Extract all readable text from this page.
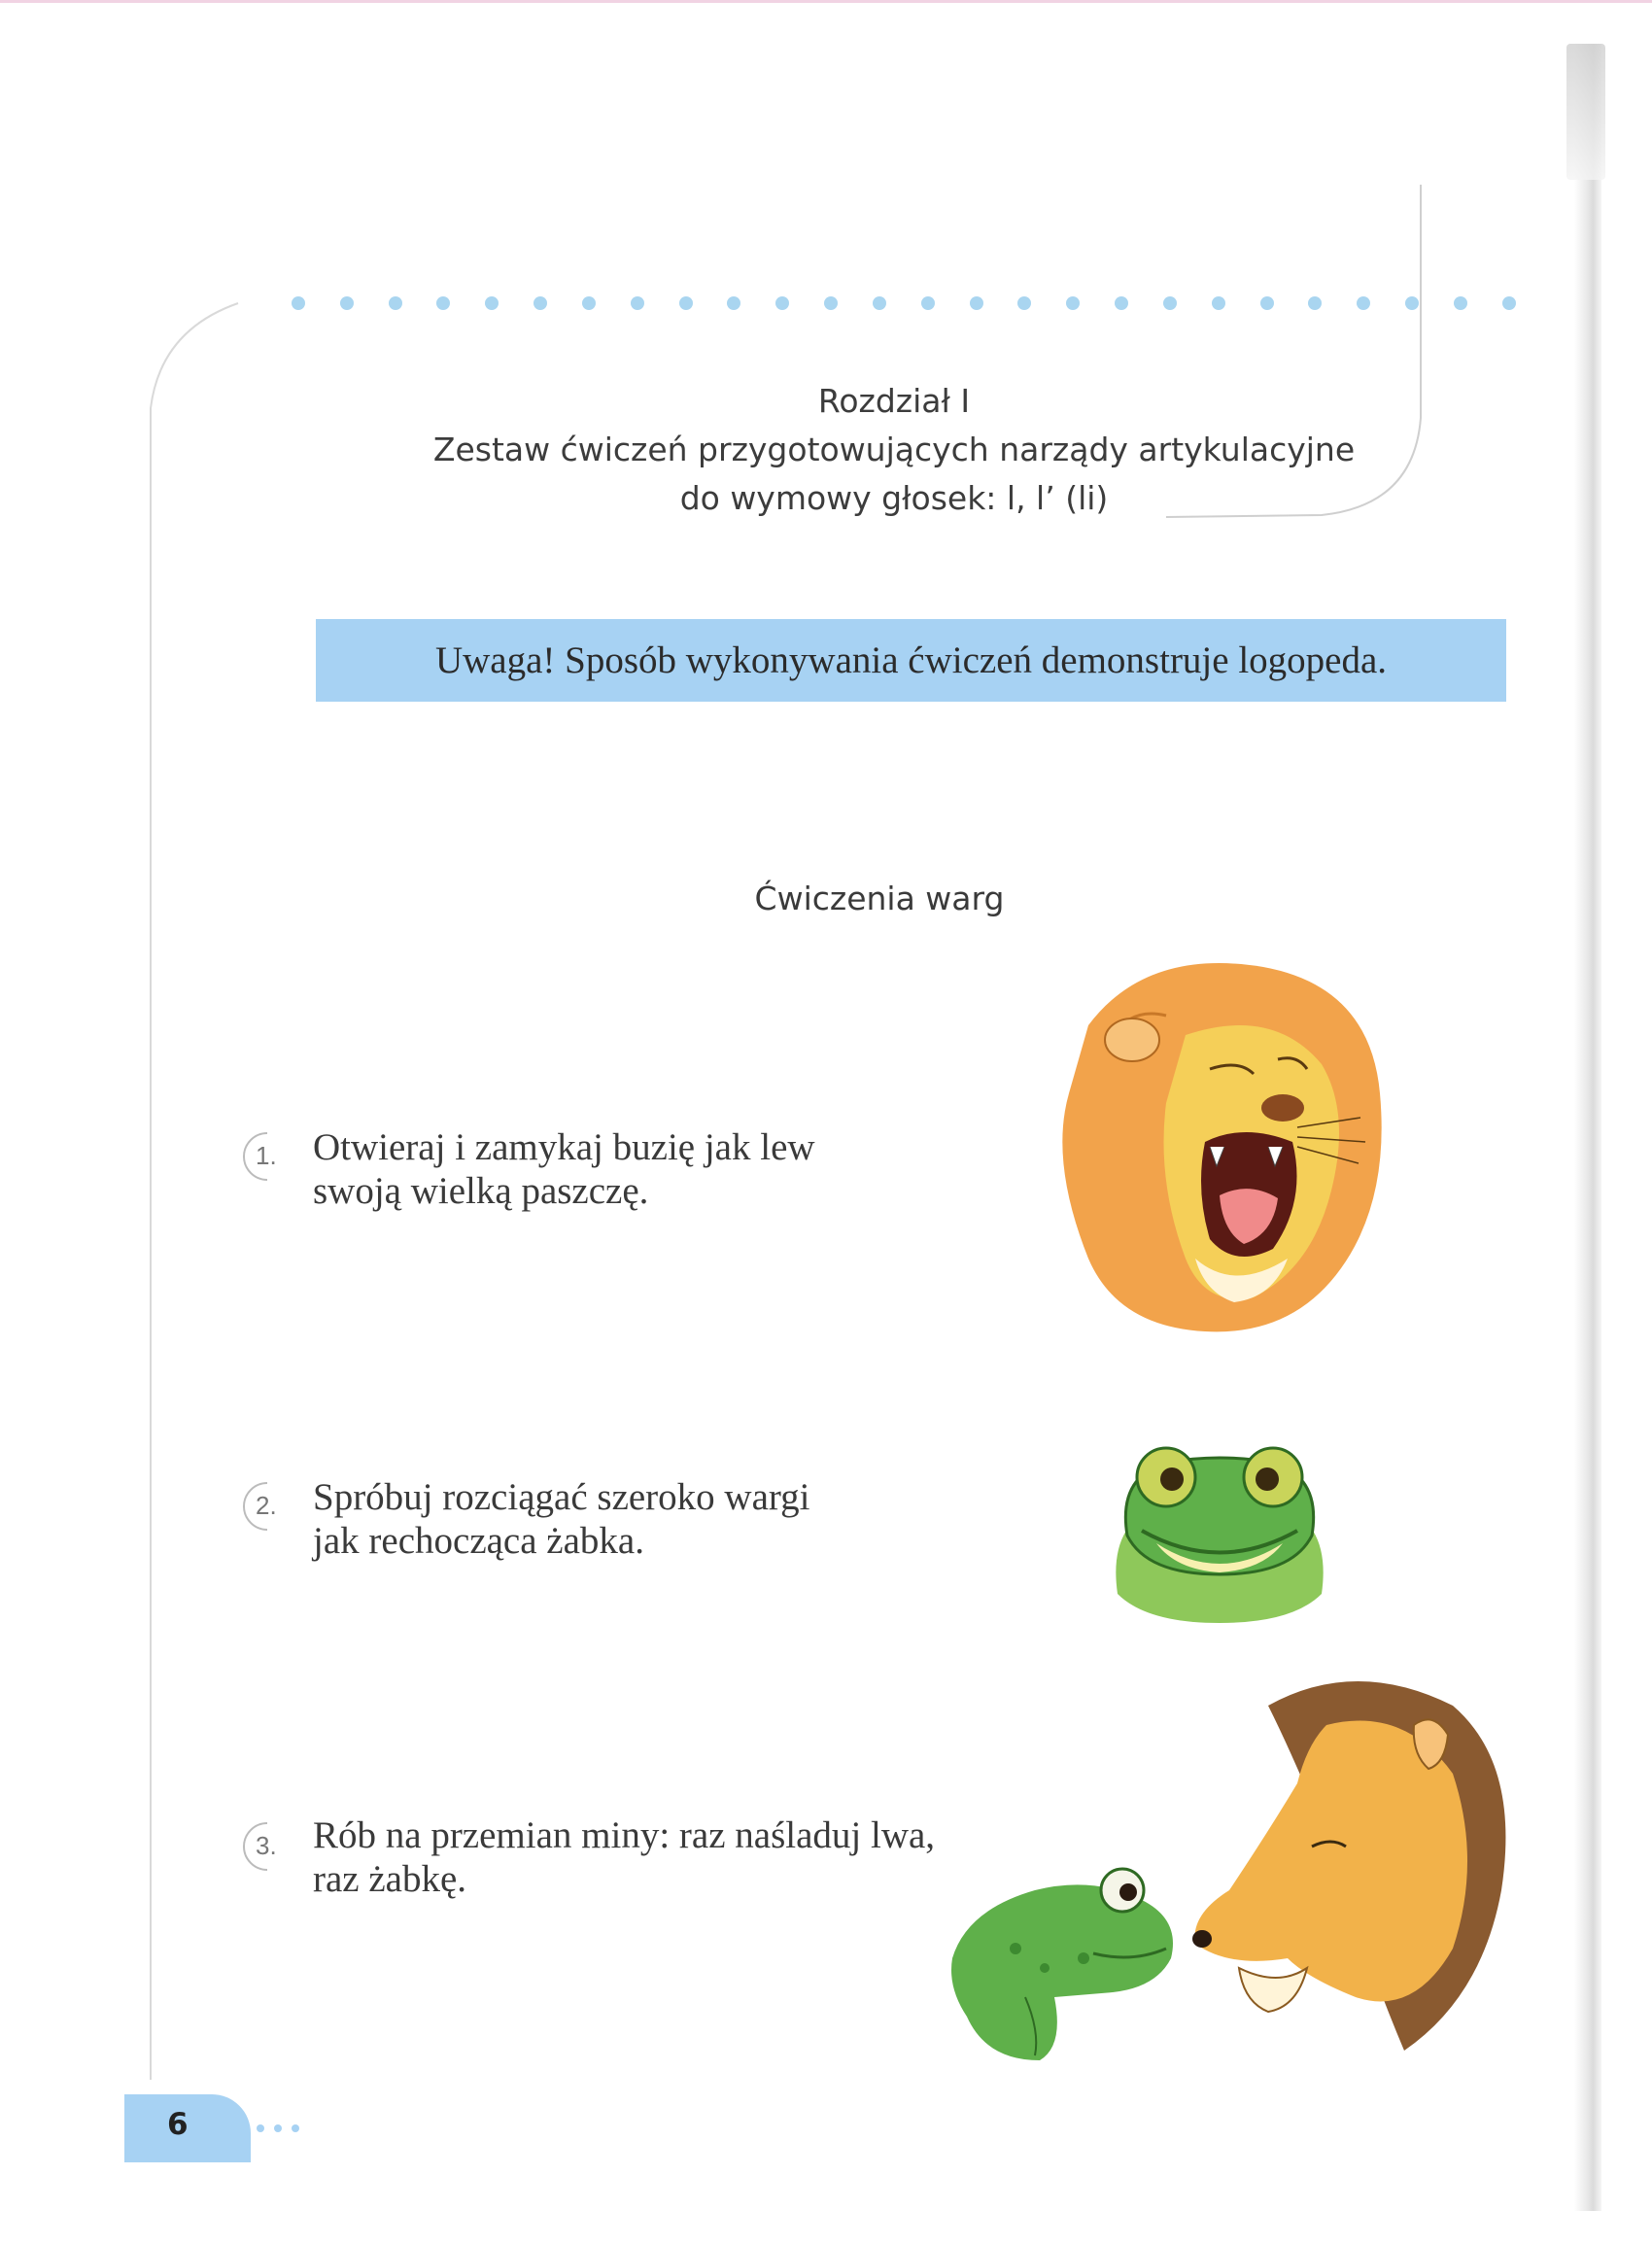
Rozdział I
Zestaw ćwiczeń przygotowujących narządy artykulacyjne
do wymowy głosek: l, l’ (li)
Uwaga! Sposób wykonywania ćwiczeń demonstruje logopeda.
Ćwiczenia warg
1. Otwieraj i zamykaj buzię jak lew
swoją wielką paszczę.
2. Spróbuj rozciągać szeroko wargi
jak rechocząca żabka.
3. Rób na przemian miny: raz naśladuj lwa,
raz żabkę.
6
